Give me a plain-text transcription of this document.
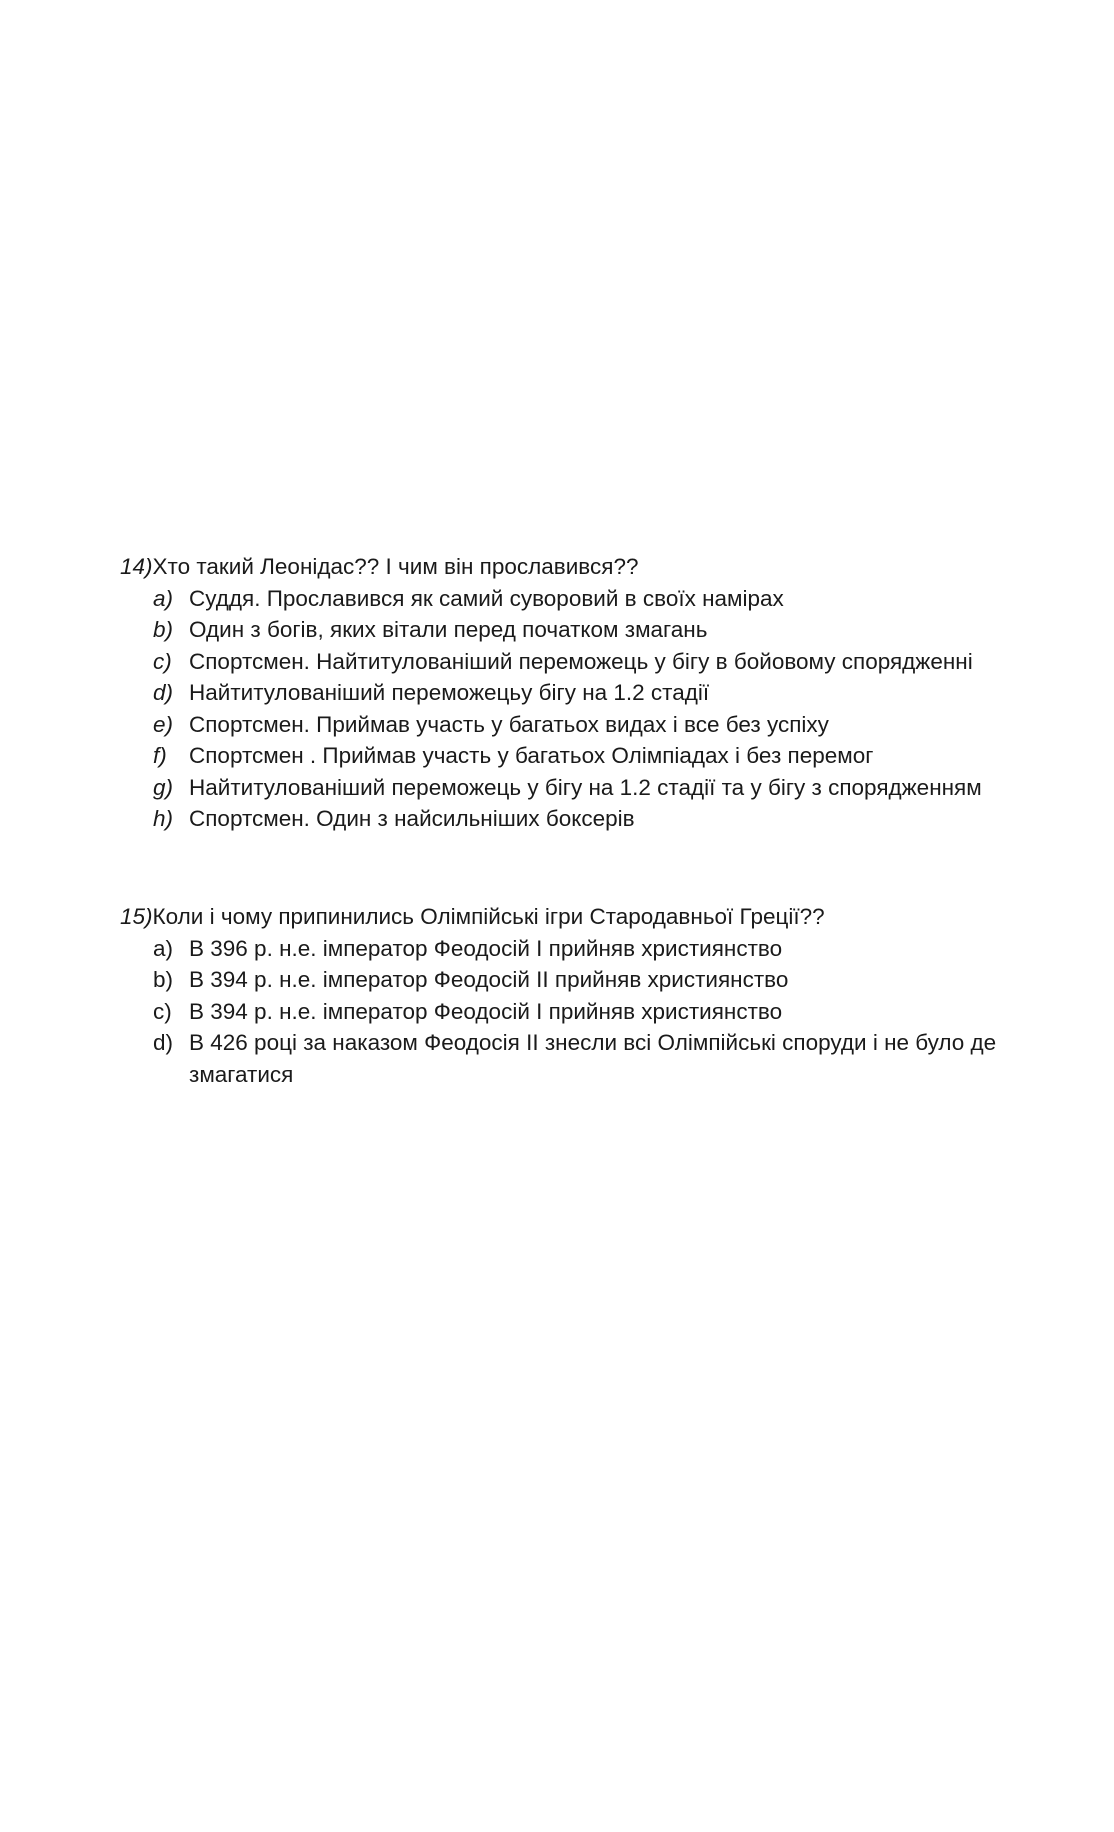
14)Хто такий Леонідас?? І чим він прославився??
a) Суддя. Прославився як самий суворовий в своїх намірах
b) Один з богів, яких вітали перед початком змагань
c) Спортсмен. Найтитулованіший переможець у бігу в бойовому спорядженні
d) Найтитулованіший переможецьу бігу на 1.2 стадії
e) Спортсмен. Приймав участь у багатьох видах і все без успіху
f) Спортсмен . Приймав участь у багатьох Олімпіадах і без перемог
g) Найтитулованіший переможець у бігу на 1.2 стадії та у бігу з спорядженням
h) Спортсмен. Один з найсильніших боксерів
15)Коли і чому припинились Олімпійські ігри Стародавньої Греції??
a) В 396 р. н.е. імператор Феодосій I прийняв християнство
b) В 394 р. н.е. імператор Феодосій II прийняв християнство
c) В 394 р. н.е. імператор Феодосій I прийняв християнство
d) В 426 році за наказом Феодосія II знесли всі Олімпійські споруди і не було де змагатися
